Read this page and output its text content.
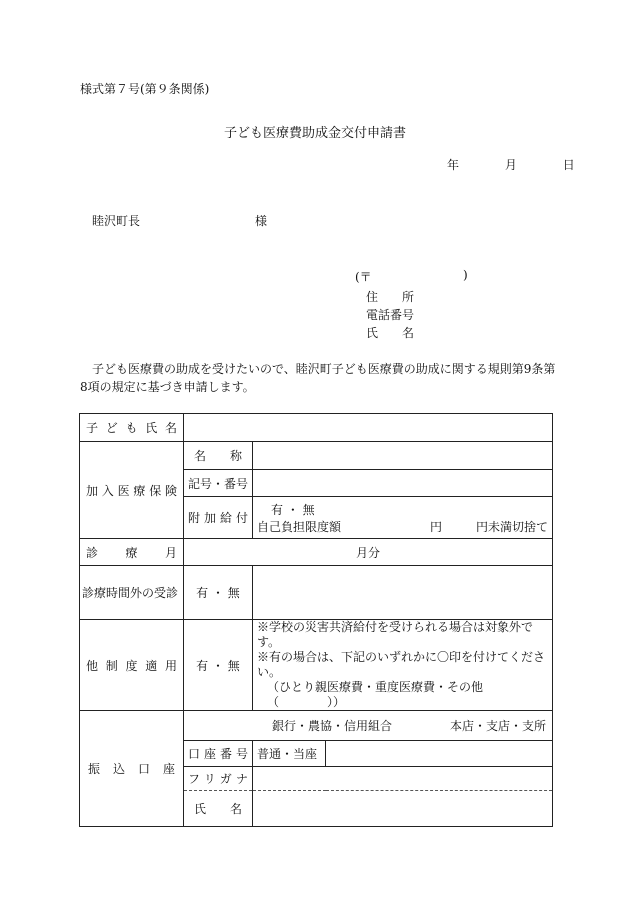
様式第７号(第９条関係)
子ども医療費助成金交付申請書
年	月	日
睦沢町長	様
(〒	)
住　　所
電話番号
氏　　名
子ども医療費の助成を受けたいので、睦沢町子ども医療費の助成に関する規則第9条第8項の規定に基づき申請します。
子ども氏名			

加入医療保険	名称		

	記号・番号		

	附加給付	有 ・ 無
自己負担限度額 円 円未満切捨て	

診療月	月分		
診療時間外の受診	有 ・ 無		

他制度適用	有 ・ 無	※学校の災害共済給付を受けられる場合は対象外です。
※有の場合は、下記のいずれかに〇印を付けてください。
（ひとり親医療費・重度医療費・その他（　　　　））	

振込口座	銀行・農協・信用組合 本店・支店・支所		

	口座番号	普通・当座	

	フリガナ		

	氏　　名		
